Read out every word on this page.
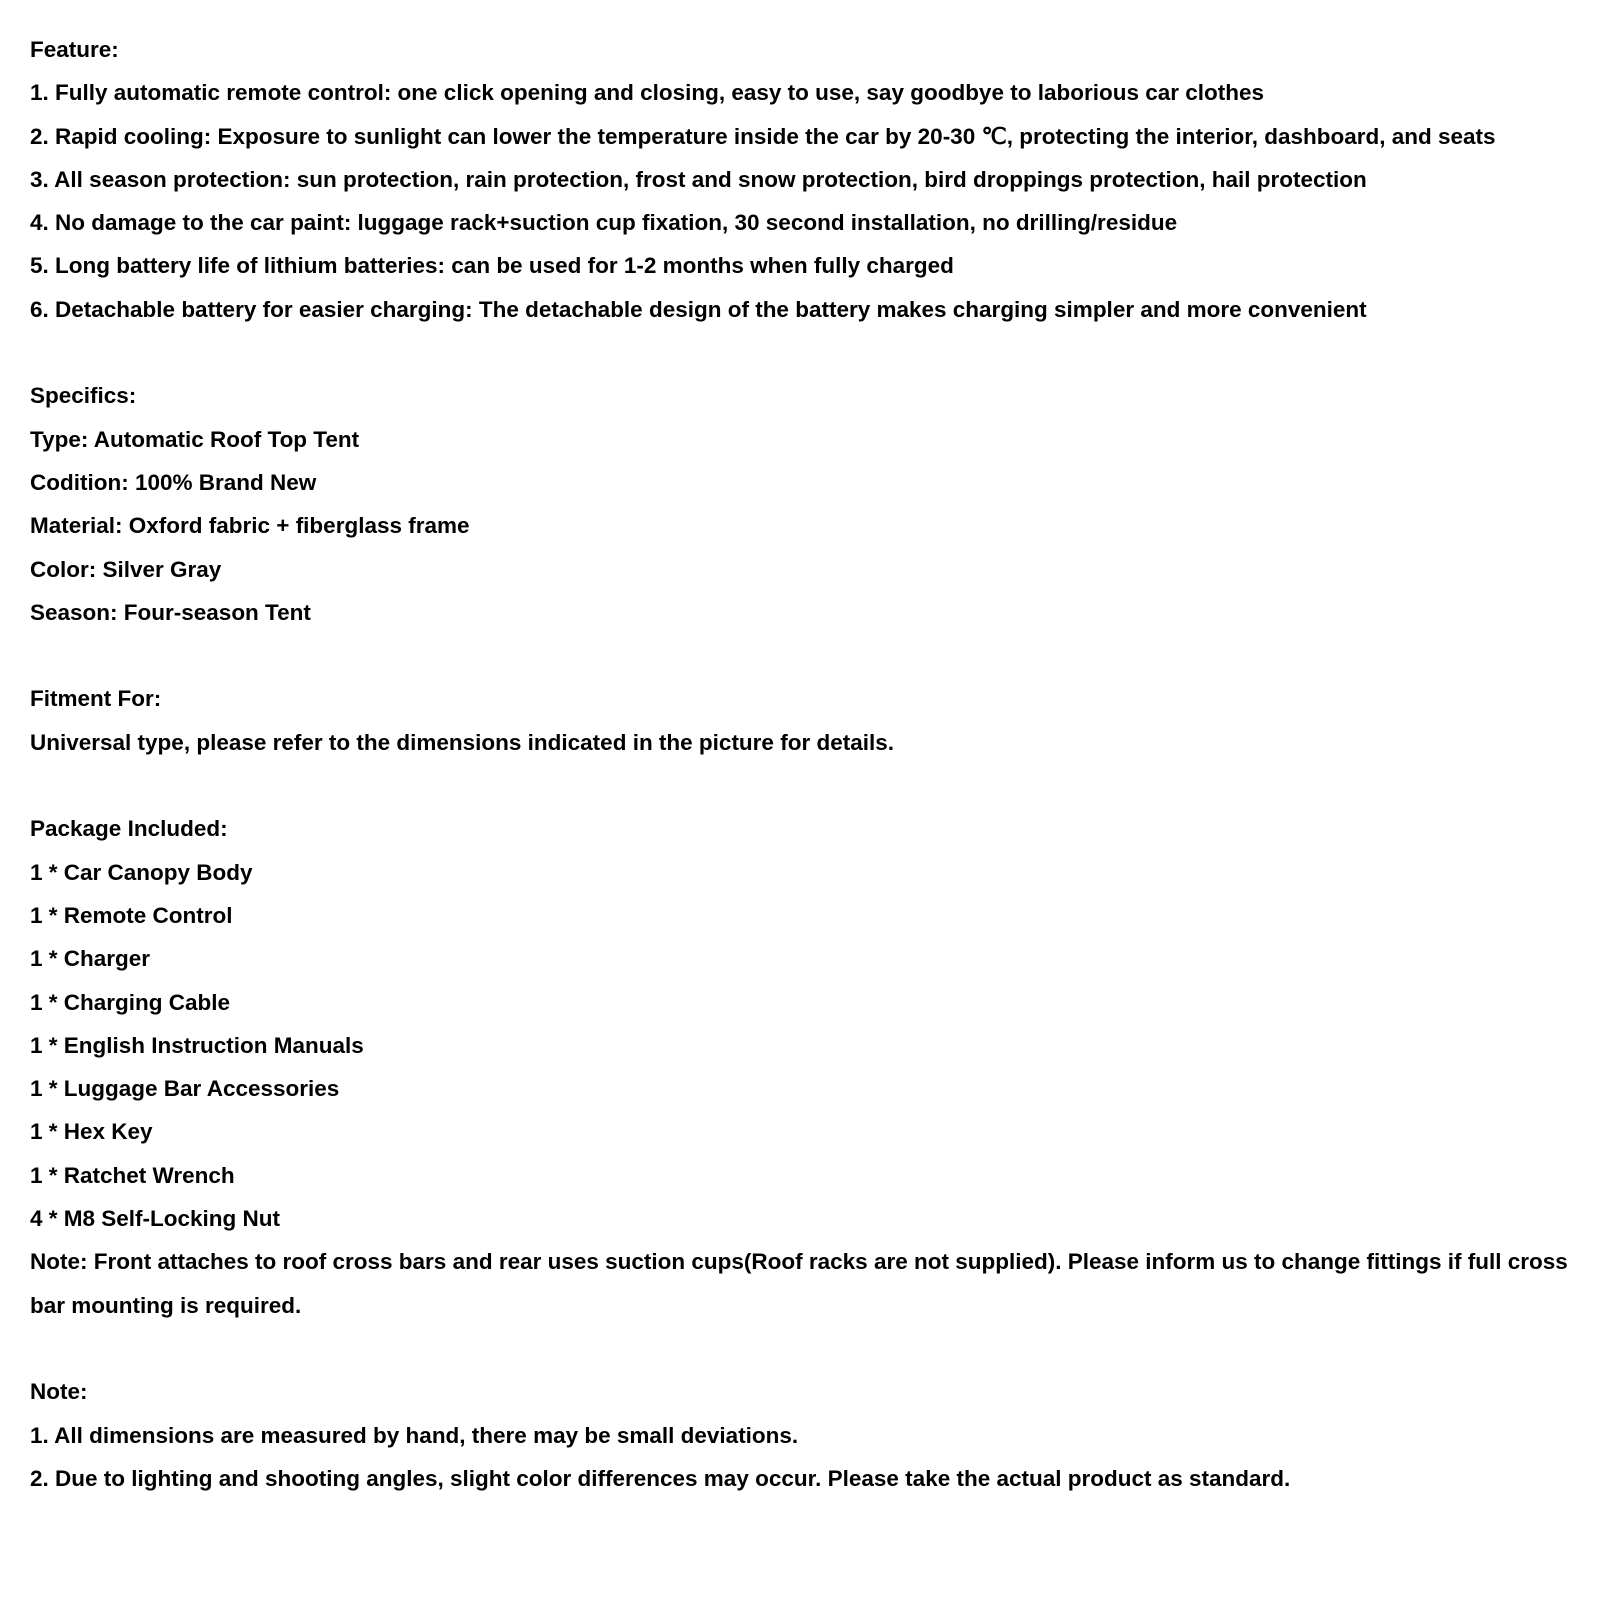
Feature:
1. Fully automatic remote control: one click opening and closing, easy to use, say goodbye to laborious car clothes
2. Rapid cooling: Exposure to sunlight can lower the temperature inside the car by 20-30 ℃, protecting the interior, dashboard, and seats
3. All season protection: sun protection, rain protection, frost and snow protection, bird droppings protection, hail protection
4. No damage to the car paint: luggage rack+suction cup fixation, 30 second installation, no drilling/residue
5. Long battery life of lithium batteries: can be used for 1-2 months when fully charged
6. Detachable battery for easier charging: The detachable design of the battery makes charging simpler and more convenient
Specifics:
Type: Automatic Roof Top Tent
Codition: 100% Brand New
Material: Oxford fabric + fiberglass frame
Color: Silver Gray
Season: Four-season Tent
Fitment For:
Universal type, please refer to the dimensions indicated in the picture for details.
Package Included:
1 * Car Canopy Body
1 * Remote Control
1 * Charger
1 * Charging Cable
1 * English Instruction Manuals
1 * Luggage Bar Accessories
1 * Hex Key
1 * Ratchet Wrench
4 * M8 Self-Locking Nut
Note: Front attaches to roof cross bars and rear uses suction cups(Roof racks are not supplied). Please inform us to change fittings if full cross bar mounting is required.
Note:
1. All dimensions are measured by hand, there may be small deviations.
2. Due to lighting and shooting angles, slight color differences may occur. Please take the actual product as standard.
